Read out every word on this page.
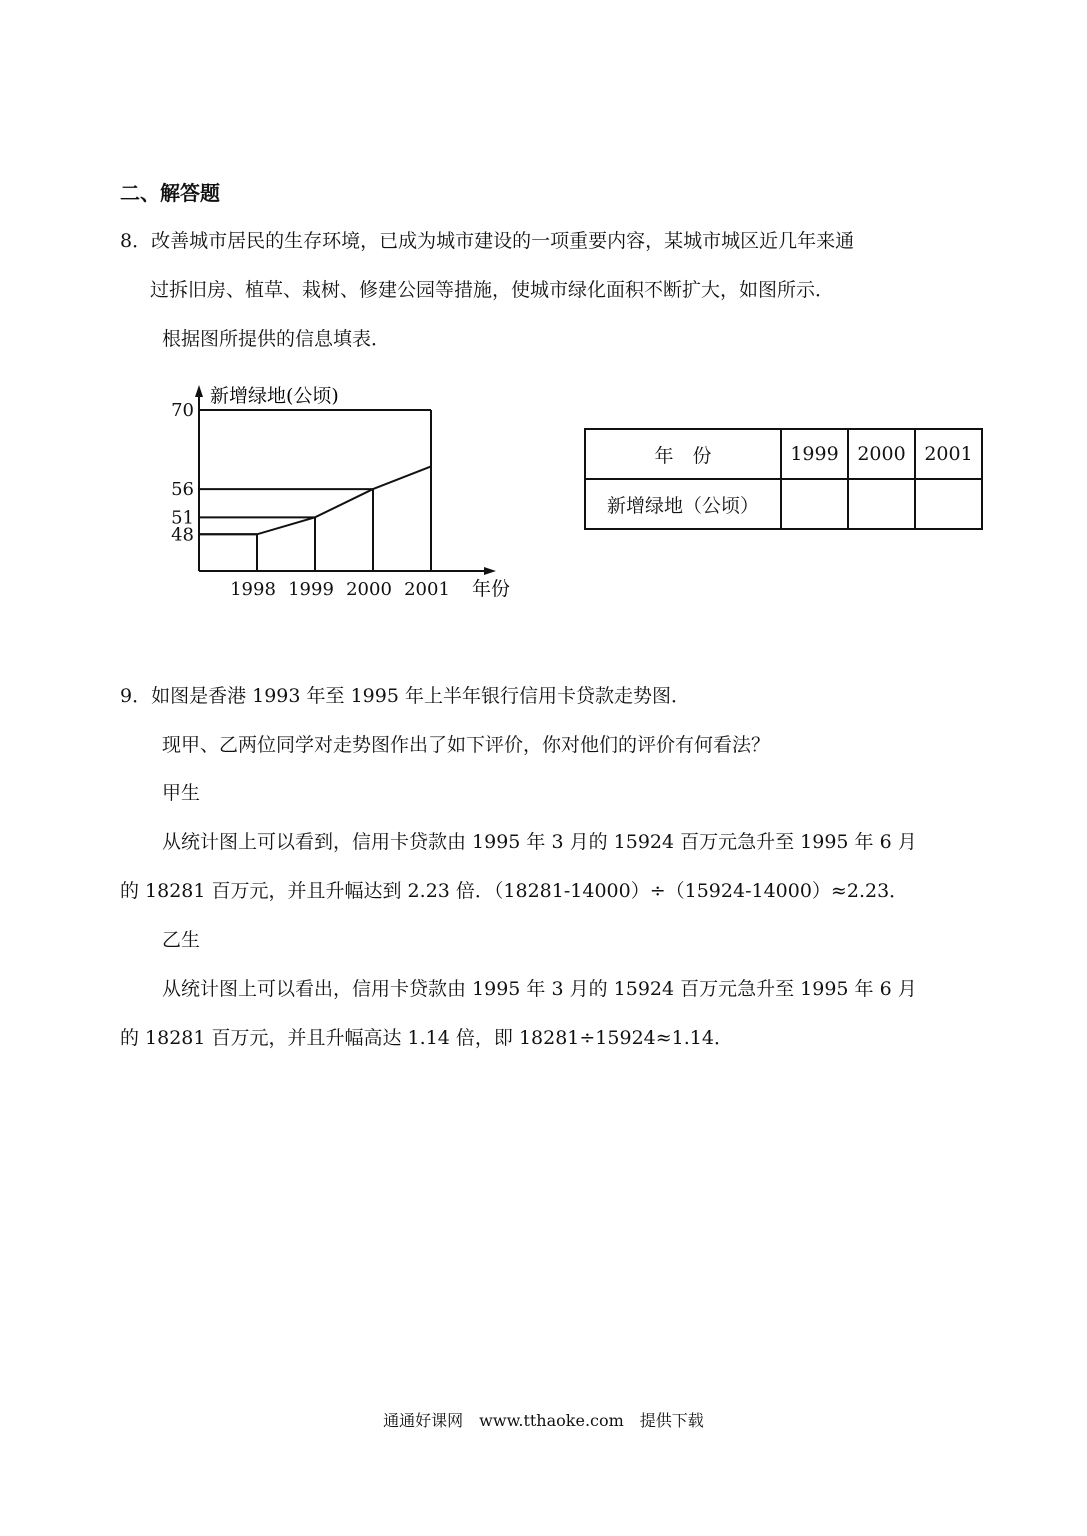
二、解答题
8．改善城市居民的生存环境，已成为城市建设的一项重要内容，某城市城区近几年来通
过拆旧房、植草、栽树、修建公园等措施，使城市绿化面积不断扩大，如图所示．
根据图所提供的信息填表．
48
51
56
70
1998 1999 2000 2001
新增绿地(公顷)
年份
年　份	1999	2000	2001
新增绿地（公顷）			
9．如图是香港 1993 年至 1995 年上半年银行信用卡贷款走势图．
现甲、乙两位同学对走势图作出了如下评价，你对他们的评价有何看法？
甲生
从统计图上可以看到，信用卡贷款由 1995 年 3 月的 15924 百万元急升至 1995 年 6 月
的 18281 百万元，并且升幅达到 2.23 倍．（18281-14000）÷（15924-14000）≈2.23．
乙生
从统计图上可以看出，信用卡贷款由 1995 年 3 月的 15924 百万元急升至 1995 年 6 月
的 18281 百万元，并且升幅高达 1.14 倍，即 18281÷15924≈1.14．
通通好课网　www.tthaoke.com　提供下载
